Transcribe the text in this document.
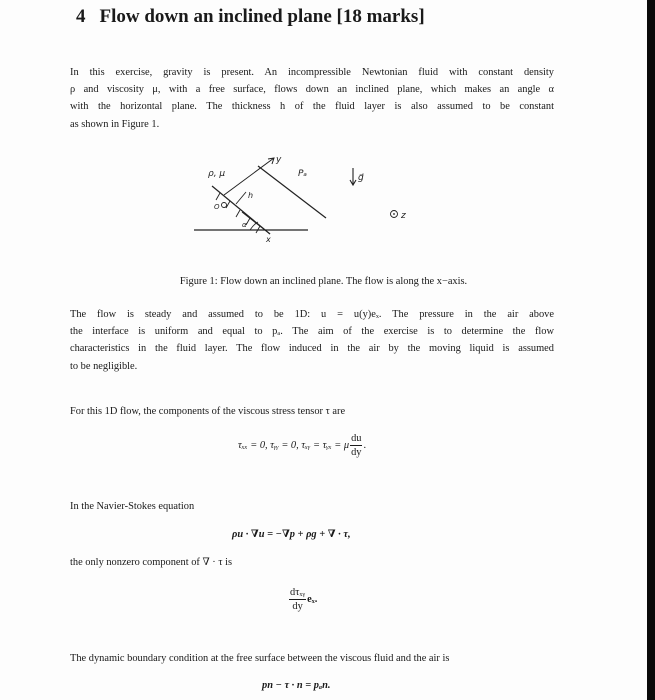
4 Flow down an inclined plane [18 marks]
In this exercise, gravity is present. An incompressible Newtonian fluid with constant density
ρ and viscosity μ, with a free surface, flows down an inclined plane, which makes an angle α
with the horizontal plane. The thickness h of the fluid layer is also assumed to be constant
as shown in Figure 1.
ρ, μ
y
Pₐ	g⃗
z
O
h
α
x
Figure 1: Flow down an inclined plane. The flow is along the x−axis.
The flow is steady and assumed to be 1D: u = u(y)eₓ. The pressure in the air above
the interface is uniform and equal to pₐ. The aim of the exercise is to determine the flow
characteristics in the fluid layer. The flow induced in the air by the moving liquid is assumed
to be negligible.
For this 1D flow, the components of the viscous stress tensor τ are
τₓₓ = 0, τᵧᵧ = 0, τₓᵧ = τᵧₓ = μ $\frac{du}{dy}$ .
In the Navier-Stokes equation
ρu · ∇u = −∇p + ρg + ∇ · τ,
the only nonzero component of ∇ · τ is
$\frac{\text{dτₓᵧ}}{dy} e_x$.
The dynamic boundary condition at the free surface between the viscous fluid and the air is
pn − τ · n = pₐn.
